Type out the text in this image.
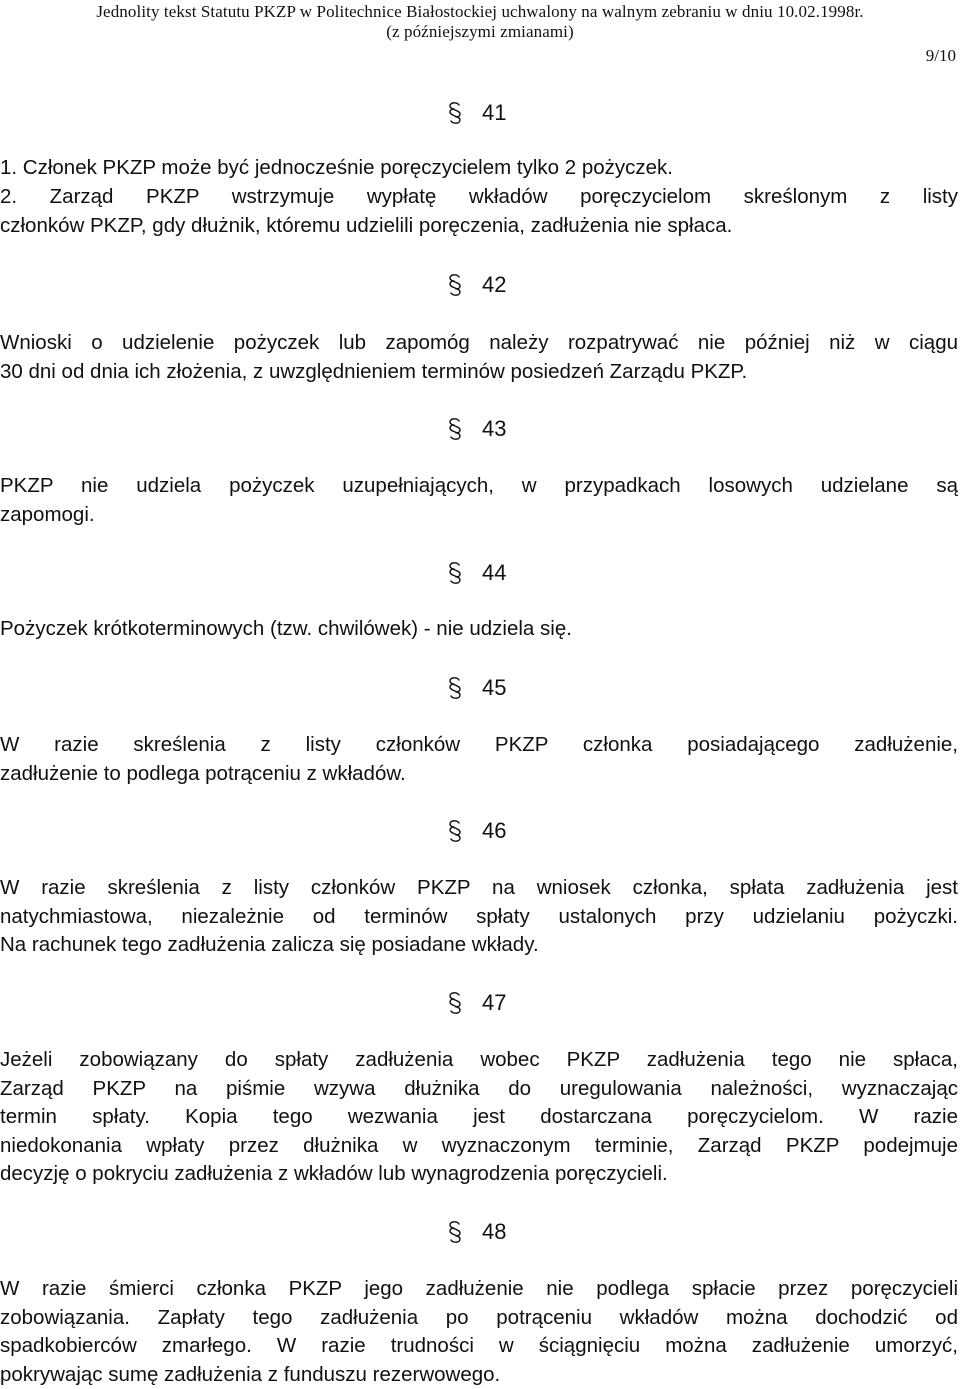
Jednolity tekst Statutu PKZP w Politechnice Białostockiej uchwalony na walnym zebraniu w dniu 10.02.1998r.

(z późniejszymi zmianami)

9/10
41
1. Członek PKZP może być jednocześnie poręczycielem tylko 2 pożyczek.
2. Zarząd PKZP wstrzymuje wypłatę wkładów poręczycielom skreślonym z listy
członków PKZP, gdy dłużnik, któremu udzielili poręczenia, zadłużenia nie spłaca.
42
Wnioski o udzielenie pożyczek lub zapomóg należy rozpatrywać nie później niż w ciągu
30 dni od dnia ich złożenia, z uwzględnieniem terminów posiedzeń Zarządu PKZP.
43
PKZP nie udziela pożyczek uzupełniających, w przypadkach losowych udzielane są
zapomogi.
44
Pożyczek krótkoterminowych (tzw. chwilówek) - nie udziela się.
45
W razie skreślenia z listy członków PKZP członka posiadającego zadłużenie,
zadłużenie to podlega potrąceniu z wkładów.
46
W razie skreślenia z listy członków PKZP na wniosek członka, spłata zadłużenia jest
natychmiastowa, niezależnie od terminów spłaty ustalonych przy udzielaniu pożyczki.
Na rachunek tego zadłużenia zalicza się posiadane wkłady.
47
Jeżeli zobowiązany do spłaty zadłużenia wobec PKZP zadłużenia tego nie spłaca,
Zarząd PKZP na piśmie wzywa dłużnika do uregulowania należności, wyznaczając
termin spłaty. Kopia tego wezwania jest dostarczana poręczycielom. W razie
niedokonania wpłaty przez dłużnika w wyznaczonym terminie, Zarząd PKZP podejmuje
decyzję o pokryciu zadłużenia z wkładów lub wynagrodzenia poręczycieli.
48
W razie śmierci członka PKZP jego zadłużenie nie podlega spłacie przez poręczycieli
zobowiązania. Zapłaty tego zadłużenia po potrąceniu wkładów można dochodzić od
spadkobierców zmarłego. W razie trudności w ściągnięciu można zadłużenie umorzyć,
pokrywając sumę zadłużenia z funduszu rezerwowego.
